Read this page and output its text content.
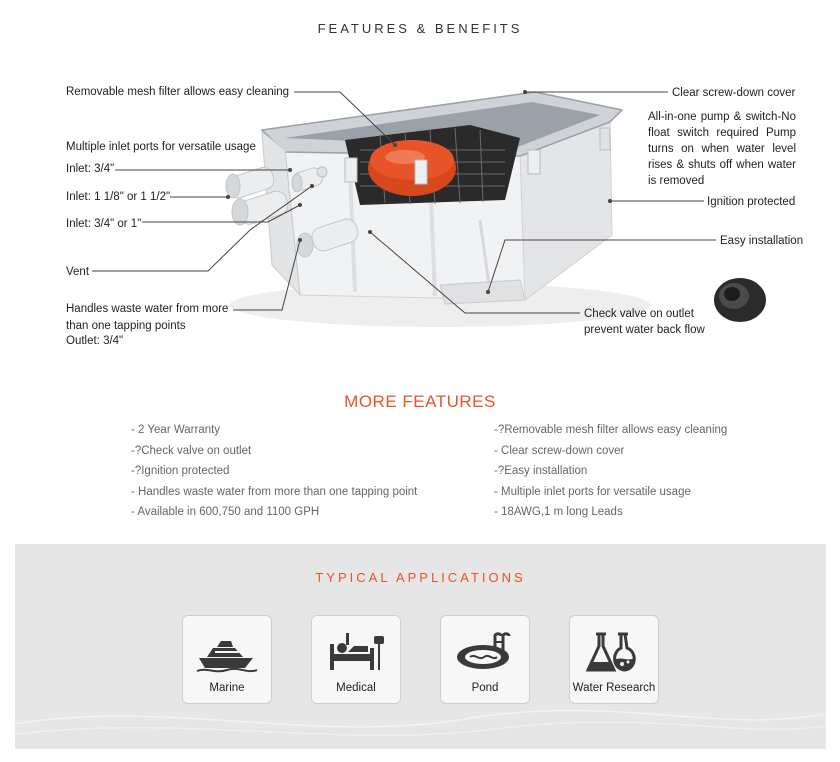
FEATURES & BENEFITS
Removable mesh filter allows easy cleaning
Multiple inlet ports for versatile usage
Inlet: 3/4"
Inlet: 1 1/8" or 1 1/2"
Inlet: 3/4" or 1"
Vent
Handles waste water from more
than one tapping points
Outlet: 3/4"
Clear screw-down cover
All-in-one pump & switch-No float switch required Pump turns on when water level rises & shuts off when water is removed
Ignition protected
Easy installation
Check valve on outlet
prevent water back flow
MORE FEATURES
- 2 Year Warranty
-?Check valve on outlet
-?Ignition protected
- Handles waste water from more than one tapping point
- Available in 600,750 and 1100 GPH
-?Removable mesh filter allows easy cleaning
- Clear screw-down cover
-?Easy installation
- Multiple inlet ports for versatile usage
- 18AWG,1 m long Leads
TYPICAL APPLICATIONS
Marine	Medical	Pond	Water Research
